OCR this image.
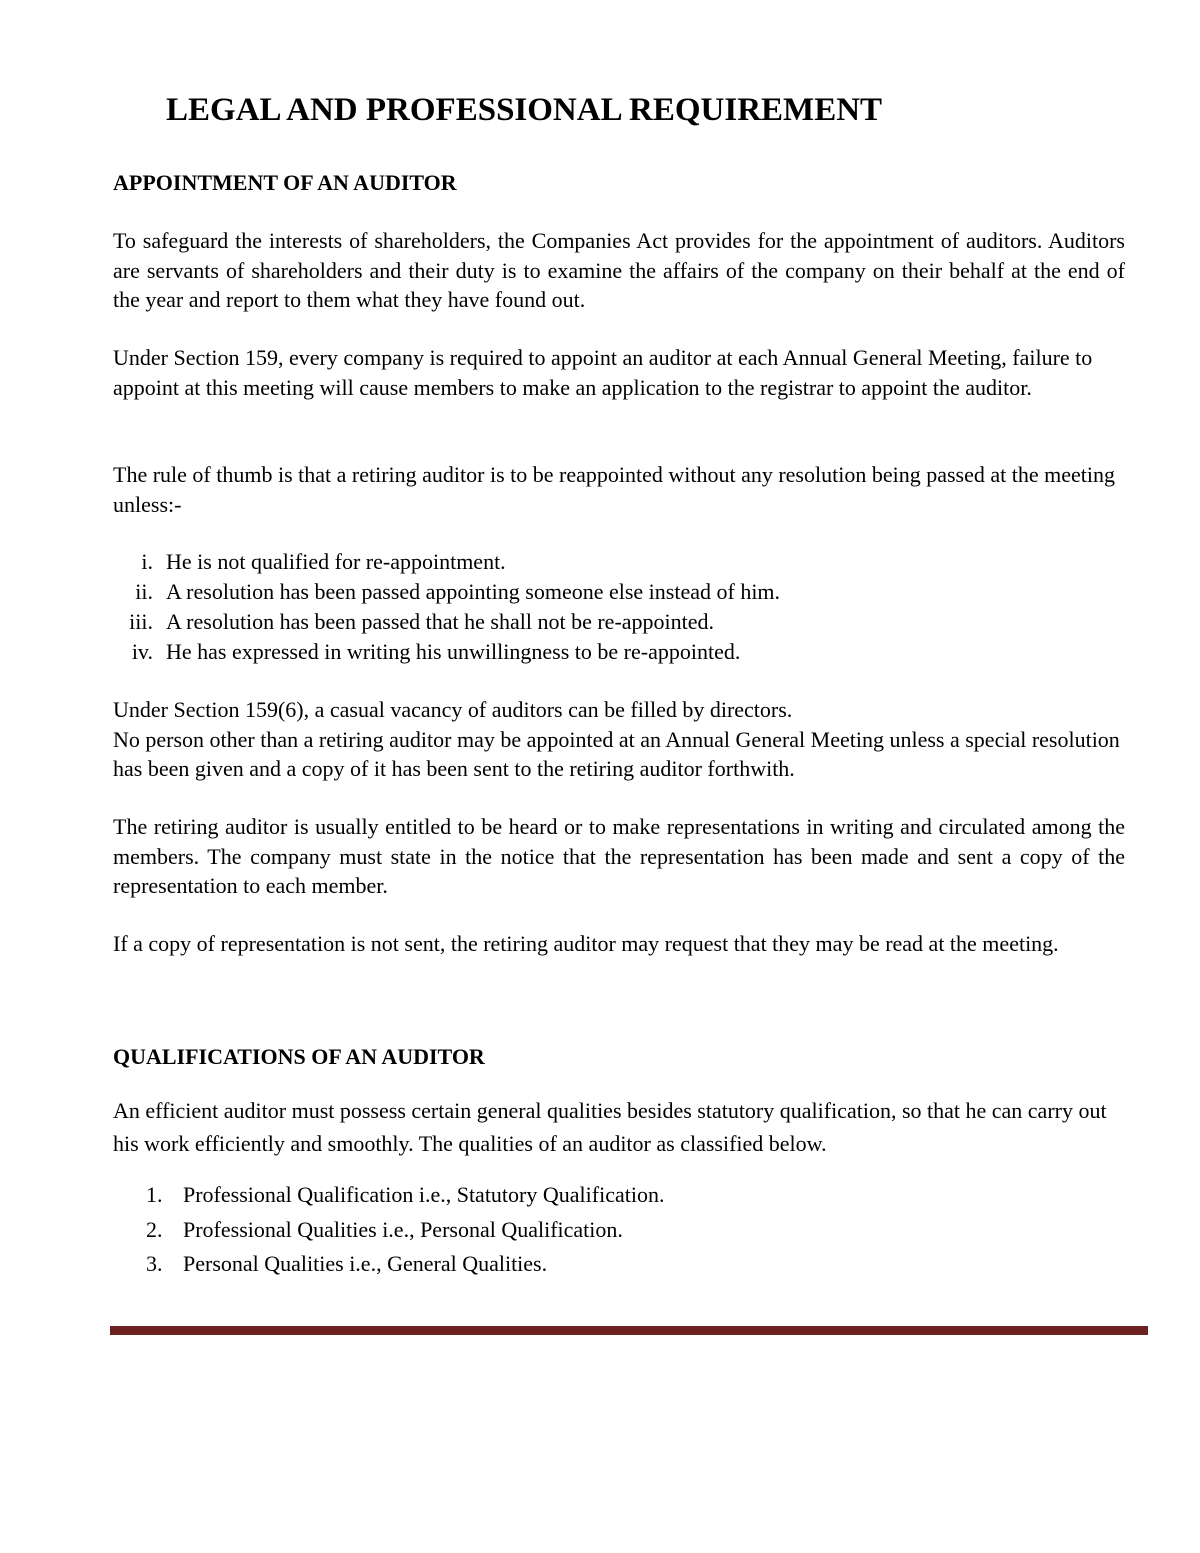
LEGAL AND PROFESSIONAL REQUIREMENT
APPOINTMENT OF AN AUDITOR

To safeguard the interests of shareholders, the Companies Act provides for the appointment of auditors. Auditors are servants of shareholders and their duty is to examine the affairs of the company on their behalf at the end of the year and report to them what they have found out.

Under Section 159, every company is required to appoint an auditor at each Annual General Meeting, failure to appoint at this meeting will cause members to make an application to the registrar to appoint the auditor.

The rule of thumb is that a retiring auditor is to be reappointed without any resolution being passed at the meeting unless:-

i. He is not qualified for re-appointment.
ii. A resolution has been passed appointing someone else instead of him.
iii. A resolution has been passed that he shall not be re-appointed.
iv. He has expressed in writing his unwillingness to be re-appointed.

Under Section 159(6), a casual vacancy of auditors can be filled by directors.
No person other than a retiring auditor may be appointed at an Annual General Meeting unless a special resolution has been given and a copy of it has been sent to the retiring auditor forthwith.

The retiring auditor is usually entitled to be heard or to make representations in writing and circulated among the members. The company must state in the notice that the representation has been made and sent a copy of the representation to each member.

If a copy of representation is not sent, the retiring auditor may request that they may be read at the meeting.

QUALIFICATIONS OF AN AUDITOR

An efficient auditor must possess certain general qualities besides statutory qualification, so that he can carry out his work efficiently and smoothly. The qualities of an auditor as classified below.

1. Professional Qualification i.e., Statutory Qualification.
2. Professional Qualities i.e., Personal Qualification.
3. Personal Qualities i.e., General Qualities.
